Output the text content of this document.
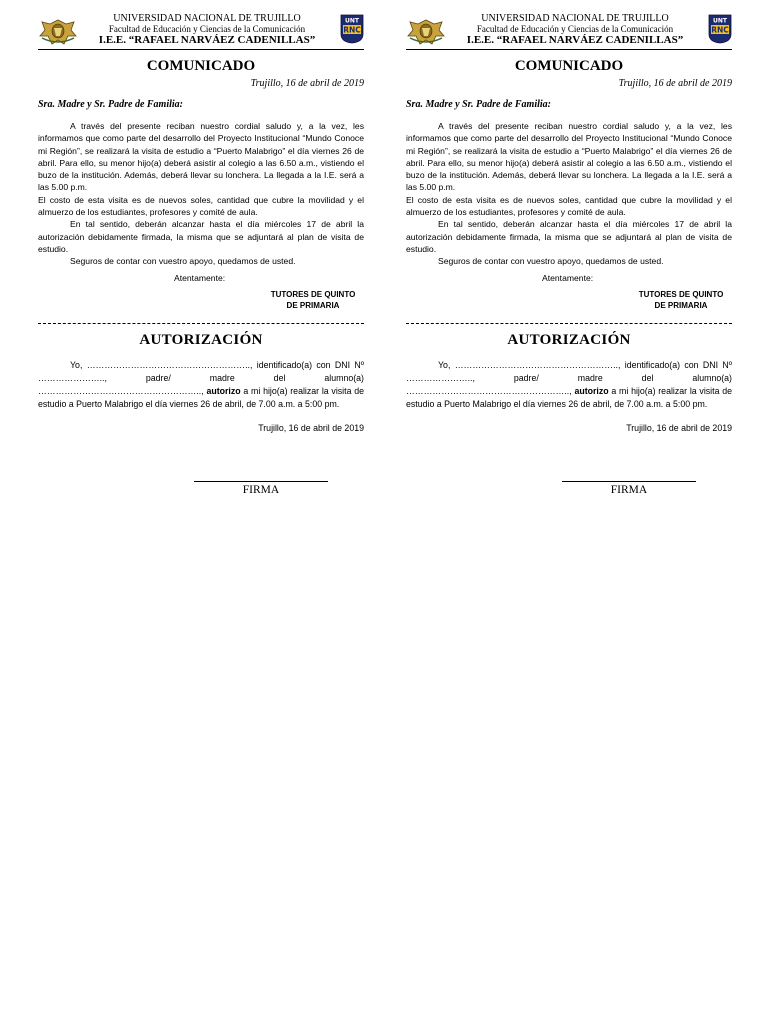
UNIVERSIDAD NACIONAL DE TRUJILLO
Facultad de Educación y Ciencias de la Comunicación
I.E.E. “RAFAEL NARVÁEZ CADENILLAS”
UNT
RNC
COMUNICADO
Trujillo, 16 de abril de 2019
Sra. Madre y Sr. Padre de Familia:

A través del presente reciban nuestro cordial saludo y, a la vez, les informamos que como parte del desarrollo del Proyecto Institucional “Mundo Conoce mi Región”, se realizará la visita de estudio a “Puerto Malabrigo” el día viernes 26 de abril. Para ello, su menor hijo(a) deberá asistir al colegio a las 6.50 a.m., vistiendo el buzo de la institución. Además, deberá llevar su lonchera. La llegada a la I.E. será a las 5.00 p.m.

El costo de esta visita es de nuevos soles, cantidad que cubre la movilidad y el almuerzo de los estudiantes, profesores y comité de aula.

En tal sentido, deberán alcanzar hasta el día miércoles 17 de abril la autorización debidamente firmada, la misma que se adjuntará al plan de visita de estudio.

Seguros de contar con vuestro apoyo, quedamos de usted.

Atentamente:
TUTORES DE QUINTO
DE PRIMARIA
AUTORIZACIÓN

Yo, ……………………………………………….., identificado(a) con DNI Nº ………………….., padre/ madre del alumno(a) ……………………………………………….., autorizo a mi hijo(a) realizar la visita de estudio a Puerto Malabrigo el día viernes 26 de abril, de 7.00 a.m. a 5:00 pm.

Trujillo, 16 de abril de 2019
FIRMA
UNIVERSIDAD NACIONAL DE TRUJILLO
Facultad de Educación y Ciencias de la Comunicación
I.E.E. “RAFAEL NARVÁEZ CADENILLAS”
UNT
RNC
COMUNICADO
Trujillo, 16 de abril de 2019
Sra. Madre y Sr. Padre de Familia:

A través del presente reciban nuestro cordial saludo y, a la vez, les informamos que como parte del desarrollo del Proyecto Institucional “Mundo Conoce mi Región”, se realizará la visita de estudio a “Puerto Malabrigo” el día viernes 26 de abril. Para ello, su menor hijo(a) deberá asistir al colegio a las 6.50 a.m., vistiendo el buzo de la institución. Además, deberá llevar su lonchera. La llegada a la I.E. será a las 5.00 p.m.

El costo de esta visita es de nuevos soles, cantidad que cubre la movilidad y el almuerzo de los estudiantes, profesores y comité de aula.

En tal sentido, deberán alcanzar hasta el día miércoles 17 de abril la autorización debidamente firmada, la misma que se adjuntará al plan de visita de estudio.

Seguros de contar con vuestro apoyo, quedamos de usted.

Atentamente:
TUTORES DE QUINTO
DE PRIMARIA
AUTORIZACIÓN

Yo, ……………………………………………….., identificado(a) con DNI Nº ………………….., padre/ madre del alumno(a) ……………………………………………….., autorizo a mi hijo(a) realizar la visita de estudio a Puerto Malabrigo el día viernes 26 de abril, de 7.00 a.m. a 5:00 pm.

Trujillo, 16 de abril de 2019
FIRMA
